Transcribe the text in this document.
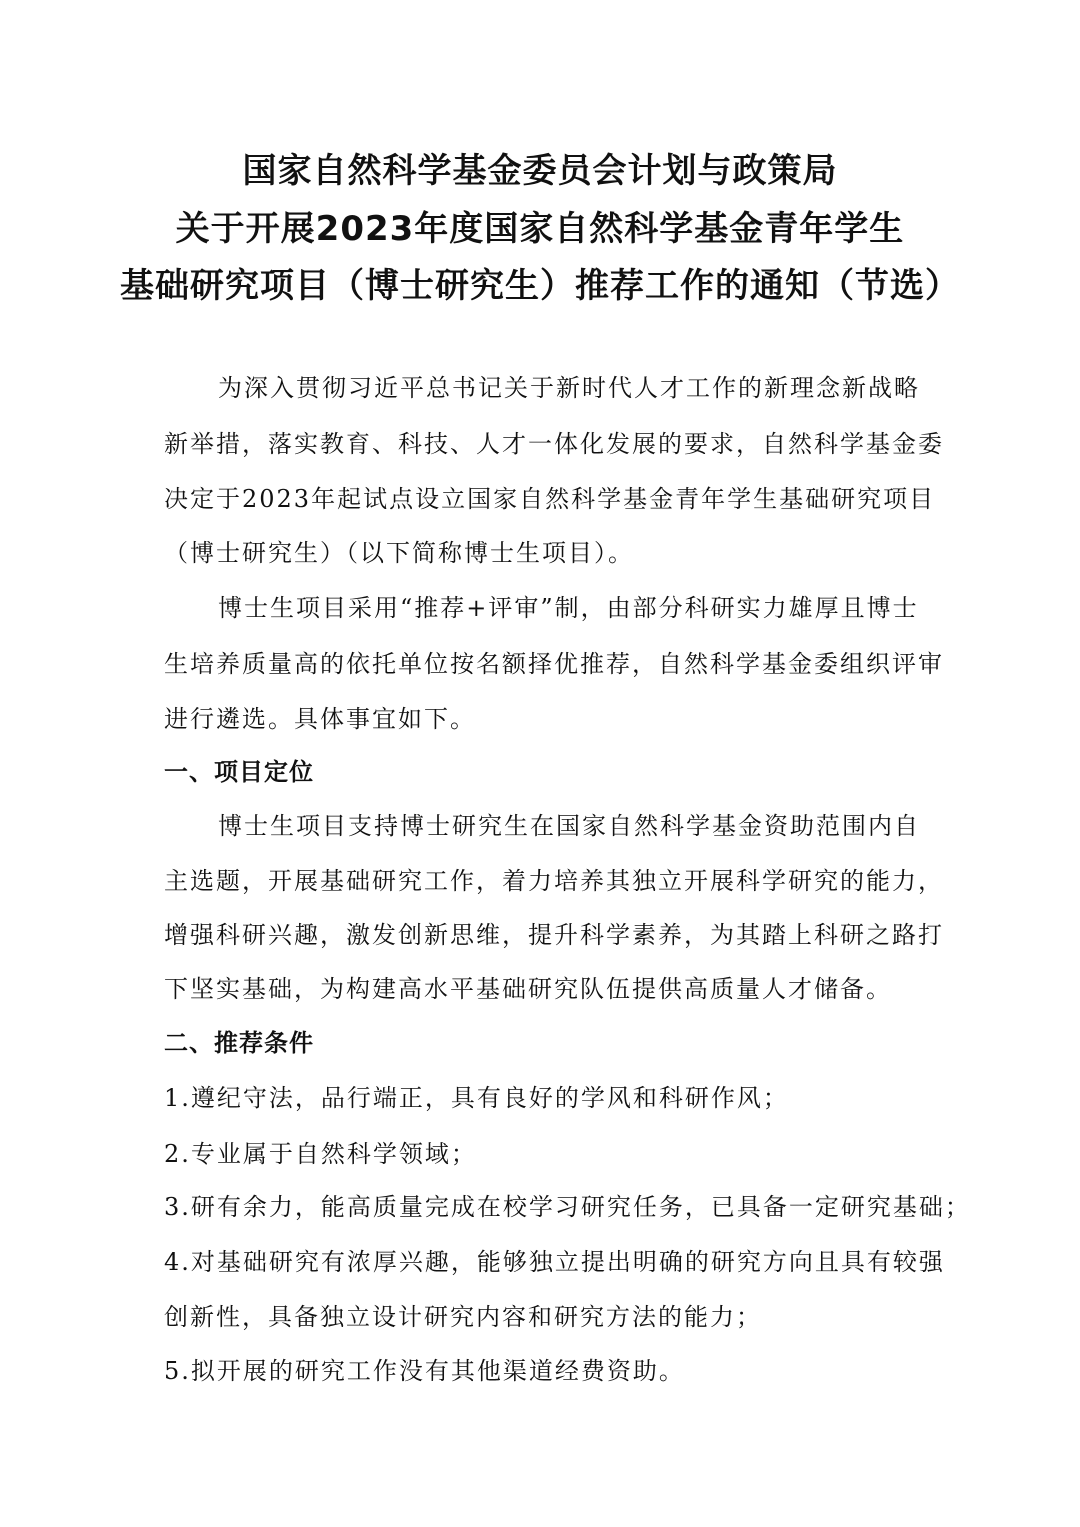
国家自然科学基金委员会计划与政策局
关于开展2023年度国家自然科学基金青年学生
基础研究项目（博士研究生）推荐工作的通知（节选）
为深入贯彻习近平总书记关于新时代人才工作的新理念新战略
新举措，落实教育、科技、人才一体化发展的要求，自然科学基金委
决定于2023年起试点设立国家自然科学基金青年学生基础研究项目
（博士研究生）（以下简称博士生项目）。
博士生项目采用“推荐+评审”制，由部分科研实力雄厚且博士
生培养质量高的依托单位按名额择优推荐，自然科学基金委组织评审
进行遴选。具体事宜如下。
一、项目定位
博士生项目支持博士研究生在国家自然科学基金资助范围内自
主选题，开展基础研究工作，着力培养其独立开展科学研究的能力，
增强科研兴趣，激发创新思维，提升科学素养，为其踏上科研之路打
下坚实基础，为构建高水平基础研究队伍提供高质量人才储备。
二、推荐条件
1.遵纪守法，品行端正，具有良好的学风和科研作风；
2.专业属于自然科学领域；
3.研有余力，能高质量完成在校学习研究任务，已具备一定研究基础；
4.对基础研究有浓厚兴趣，能够独立提出明确的研究方向且具有较强
创新性，具备独立设计研究内容和研究方法的能力；
5.拟开展的研究工作没有其他渠道经费资助。
